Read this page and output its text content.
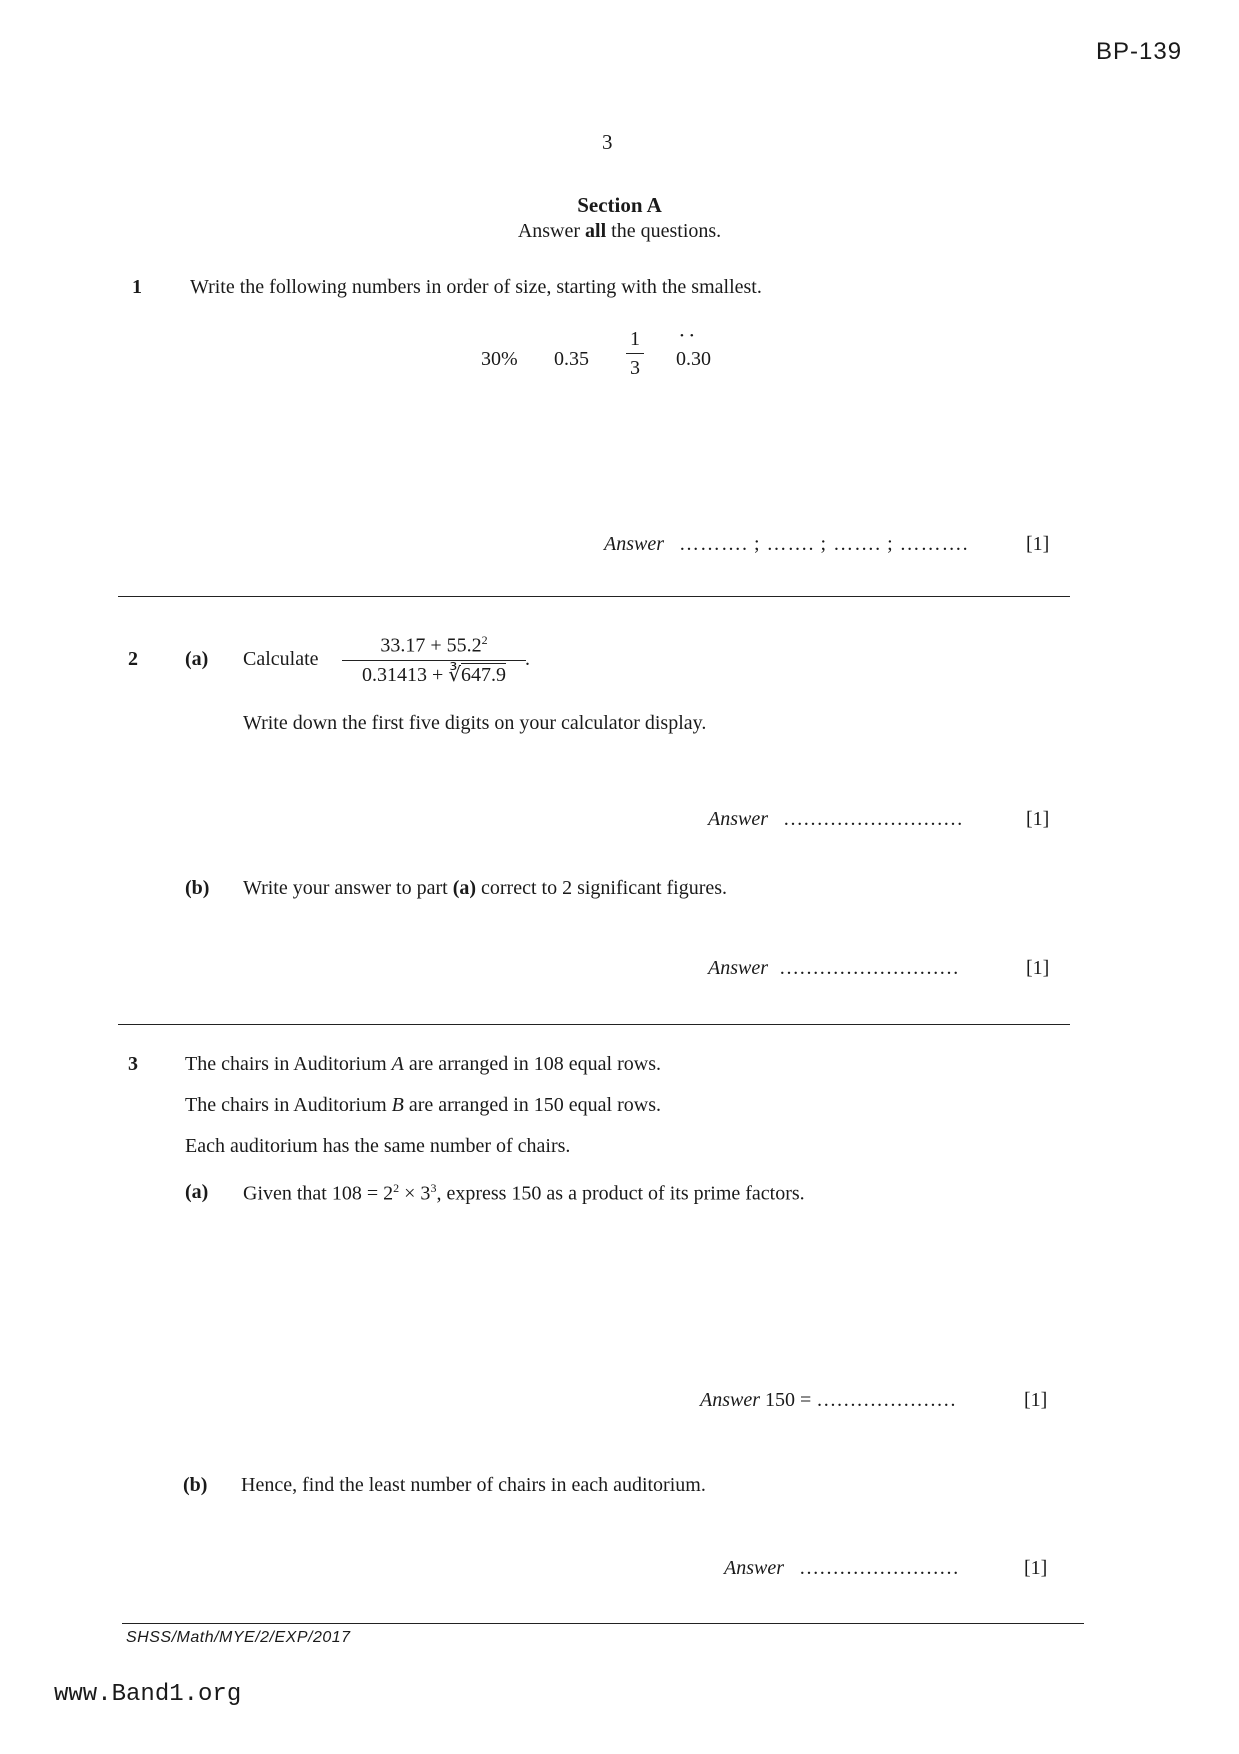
BP-139
3
Section A
Answer all the questions.
1 Write the following numbers in order of size, starting with the smallest.
30% 0.35
1
3
••
0.30
Answer ………. ; ……. ; ……. ; ……….	[1]
2 (a) Calculate
$33.17 + 55.2^2$
0.31413 + ∛647.9
.
Write down the first five digits on your calculator display.
Answer ………………………	[1]
(b) Write your answer to part (a) correct to 2 significant figures.
Answer ………………………	[1]
3 The chairs in Auditorium A are arranged in 108 equal rows.
The chairs in Auditorium B are arranged in 150 equal rows.
Each auditorium has the same number of chairs.
(a) Given that $108 = 2^2 \times 3^3$, express 150 as a product of its prime factors.
Answer 150 = …………………	[1]
(b) Hence, find the least number of chairs in each auditorium.
Answer ……………………	[1]
SHSS/Math/MYE/2/EXP/2017
www.Band1.org
